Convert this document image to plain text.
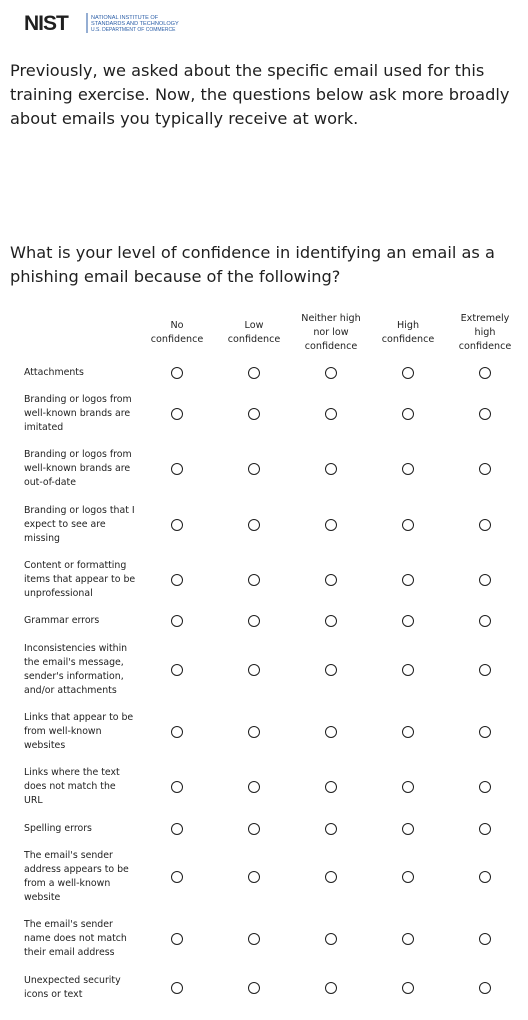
NIST	NATIONAL INSTITUTE OF
STANDARDS AND TECHNOLOGY
U.S. DEPARTMENT OF COMMERCE

Previously, we asked about the specific email used for this training exercise. Now, the questions below ask more broadly about emails you typically receive at work.

What is your level of confidence in identifying an email as a phishing email because of the following?

No confidence
Low confidence
Neither high nor low confidence
High confidence
Extremely high confidence
Attachments
Branding or logos from well-known brands are imitated
Branding or logos from well-known brands are out-of-date
Branding or logos that I expect to see are missing
Content or formatting items that appear to be unprofessional
Grammar errors
Inconsistencies within the email's message, sender's information, and/or attachments
Links that appear to be from well-known websites
Links where the text does not match the URL
Spelling errors
The email's sender address appears to be from a well-known website
The email's sender name does not match their email address
Unexpected security icons or text
